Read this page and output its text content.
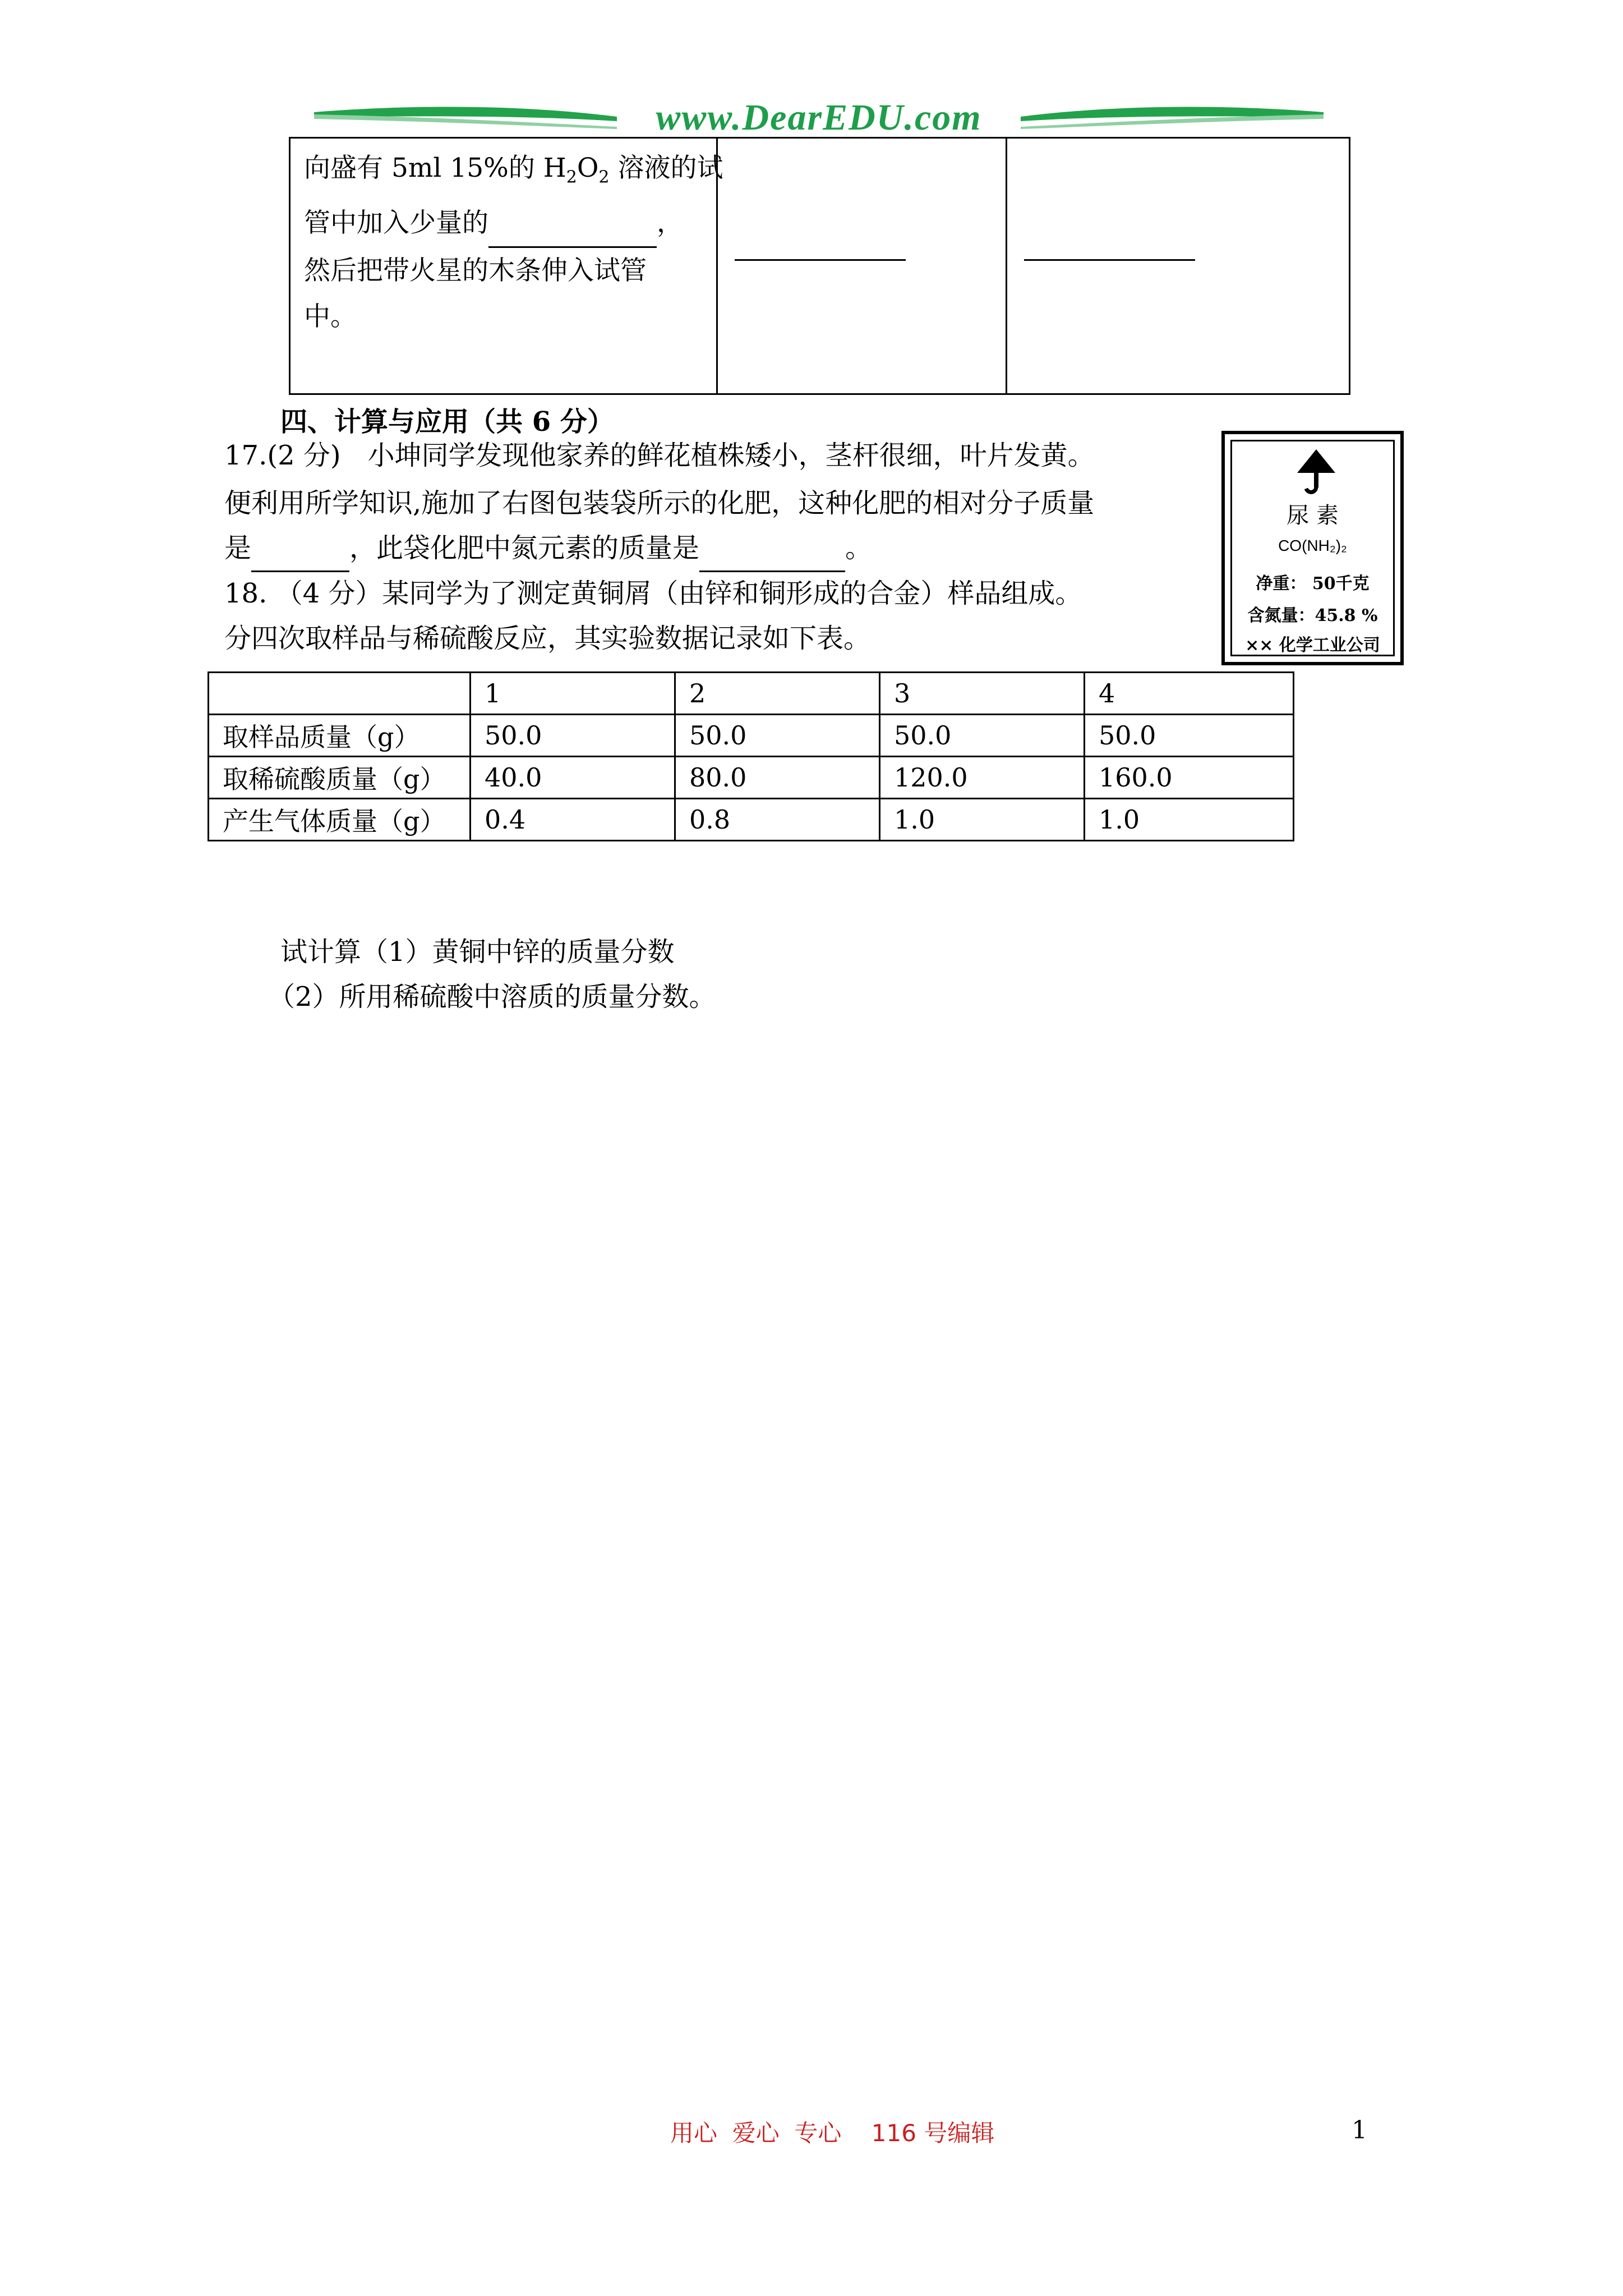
www.DearEDU.com
向盛有 5ml 15%的 $H_2O_2$ 溶液的试
管中加入少量的	，
然后把带火星的木条伸入试管
中。

四、计算与应用（共 6 分）
17.(2 分)　小坤同学发现他家养的鲜花植株矮小，茎杆很细，叶片发黄。
便利用所学知识,施加了右图包装袋所示的化肥，这种化肥的相对分子质量
是	，此袋化肥中氮元素的质量是	。
18. （4 分）某同学为了测定黄铜屑（由锌和铜形成的合金）样品组成。
分四次取样品与稀硫酸反应，其实验数据记录如下表。
尿 素
CO(NH₂)₂
净重： 50千克
含氮量：45.8 %
×× 化学工业公司
	1	2	3	4
取样品质量（g）	50.0	50.0	50.0	50.0
取稀硫酸质量（g）	40.0	80.0	120.0	160.0
产生气体质量（g）	0.4	0.8	1.0	1.0
试计算（1）黄铜中锌的质量分数
（2）所用稀硫酸中溶质的质量分数。
用心  爱心  专心    116 号编辑	1
